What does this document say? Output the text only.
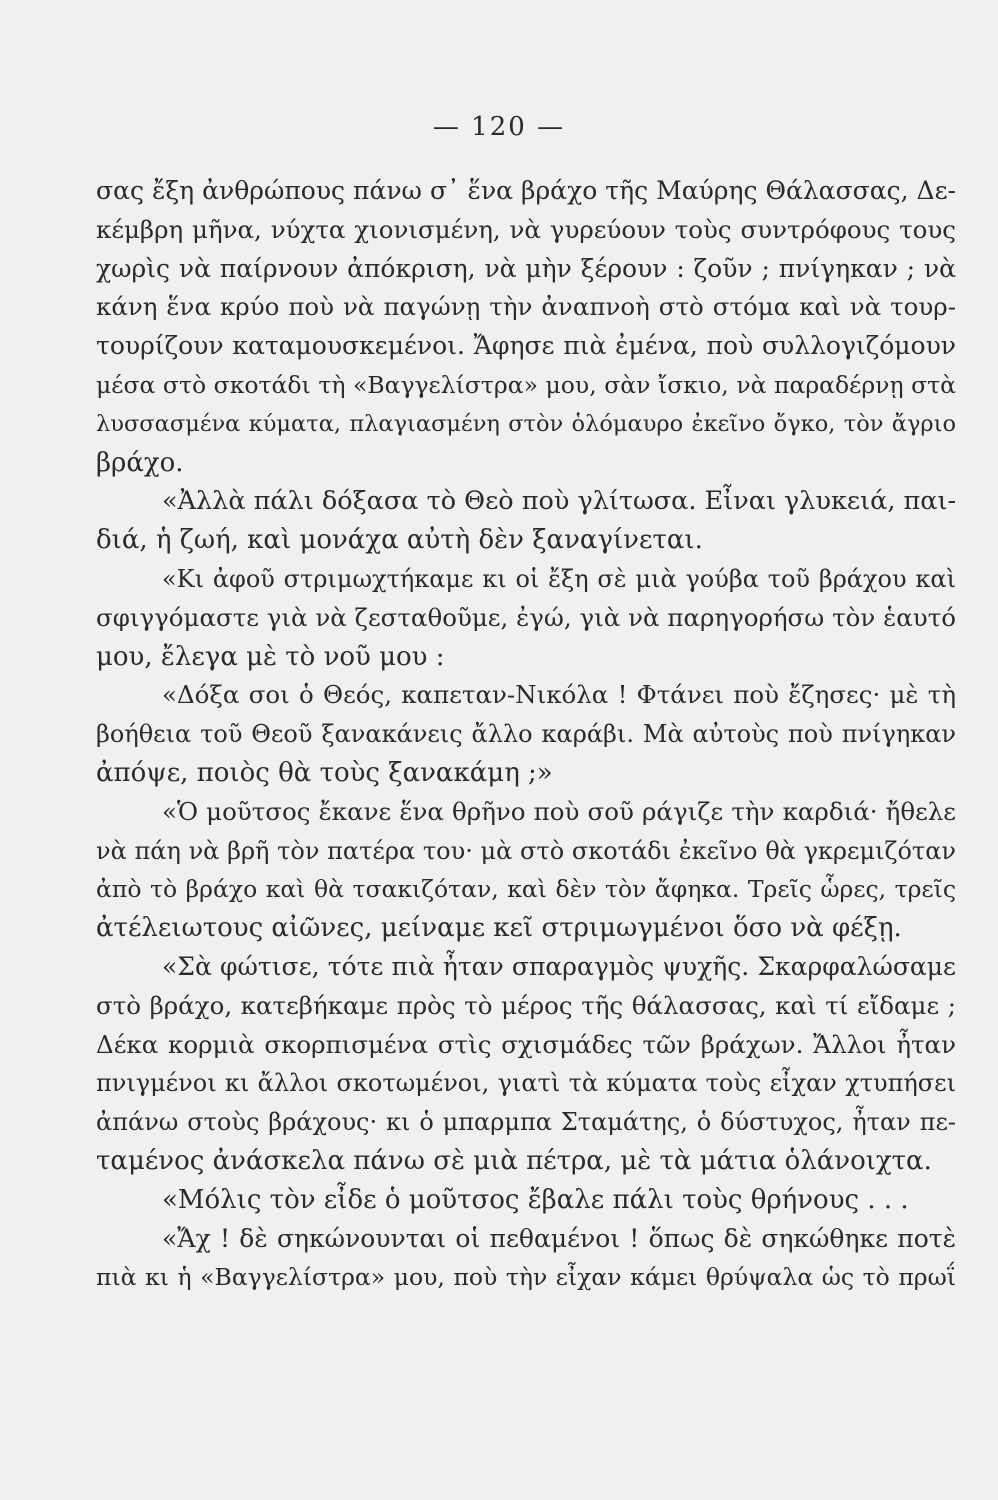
— 120 —
σας ἔξη ἀνθρώπους πάνω σ᾽ ἕνα βράχο τῆς Μαύρης Θάλασσας, Δε-
κέμβρη μῆνα, νύχτα χιονισμένη, νὰ γυρεύουν τοὺς συντρόφους τους
χωρὶς νὰ παίρνουν ἀπόκριση, νὰ μὴν ξέρουν : ζοῦν ; πνίγηκαν ; νὰ
κάνη ἕνα κρύο ποὺ νὰ παγώνῃ τὴν ἀναπνοὴ στὸ στόμα καὶ νὰ τουρ-
τουρίζουν καταμουσκεμένοι. Ἄφησε πιὰ ἐμένα, ποὺ συλλογιζόμουν
μέσα στὸ σκοτάδι τὴ «Βαγγελίστρα» μου, σὰν ἴσκιο, νὰ παραδέρνῃ στὰ
λυσσασμένα κύματα, πλαγιασμένη στὸν ὁλόμαυρο ἐκεῖνο ὄγκο, τὸν ἄγριο
βράχο.
«Ἀλλὰ πάλι δόξασα τὸ Θεὸ ποὺ γλίτωσα. Εἶναι γλυκειά, παι-
διά, ἡ ζωή, καὶ μονάχα αὐτὴ δὲν ξαναγίνεται.
«Κι ἀφοῦ στριμωχτήκαμε κι οἱ ἔξη σὲ μιὰ γούβα τοῦ βράχου καὶ
σφιγγόμαστε γιὰ νὰ ζεσταθοῦμε, ἐγώ, γιὰ νὰ παρηγορήσω τὸν ἑαυτό
μου, ἔλεγα μὲ τὸ νοῦ μου :
«Δόξα σοι ὁ Θεός, καπεταν-Νικόλα ! Φτάνει ποὺ ἔζησες· μὲ τὴ
βοήθεια τοῦ Θεοῦ ξανακάνεις ἄλλο καράβι. Μὰ αὐτοὺς ποὺ πνίγηκαν
ἀπόψε, ποιὸς θὰ τοὺς ξανακάμη ;»
«Ὁ μοῦτσος ἔκανε ἕνα θρῆνο ποὺ σοῦ ράγιζε τὴν καρδιά· ἤθελε
νὰ πάη νὰ βρῆ τὸν πατέρα του· μὰ στὸ σκοτάδι ἐκεῖνο θὰ γκρεμιζόταν
ἀπὸ τὸ βράχο καὶ θὰ τσακιζόταν, καὶ δὲν τὸν ἄφηκα. Τρεῖς ὧρες, τρεῖς
ἀτέλειωτους αἰῶνες, μείναμε κεῖ στριμωγμένοι ὅσο νὰ φέξῃ.
«Σὰ φώτισε, τότε πιὰ ἦταν σπαραγμὸς ψυχῆς. Σκαρφαλώσαμε
στὸ βράχο, κατεβήκαμε πρὸς τὸ μέρος τῆς θάλασσας, καὶ τί εἴδαμε ;
Δέκα κορμιὰ σκορπισμένα στὶς σχισμάδες τῶν βράχων. Ἄλλοι ἦταν
πνιγμένοι κι ἄλλοι σκοτωμένοι, γιατὶ τὰ κύματα τοὺς εἶχαν χτυπήσει
ἀπάνω στοὺς βράχους· κι ὁ μπαρμπα Σταμάτης, ὁ δύστυχος, ἦταν πε-
ταμένος ἀνάσκελα πάνω σὲ μιὰ πέτρα, μὲ τὰ μάτια ὁλάνοιχτα.
«Μόλις τὸν εἶδε ὁ μοῦτσος ἔβαλε πάλι τοὺς θρήνους . . .
«Ἄχ ! δὲ σηκώνουνται οἱ πεθαμένοι ! ὅπως δὲ σηκώθηκε ποτὲ
πιὰ κι ἡ «Βαγγελίστρα» μου, ποὺ τὴν εἶχαν κάμει θρύψαλα ὡς τὸ πρωΐ
